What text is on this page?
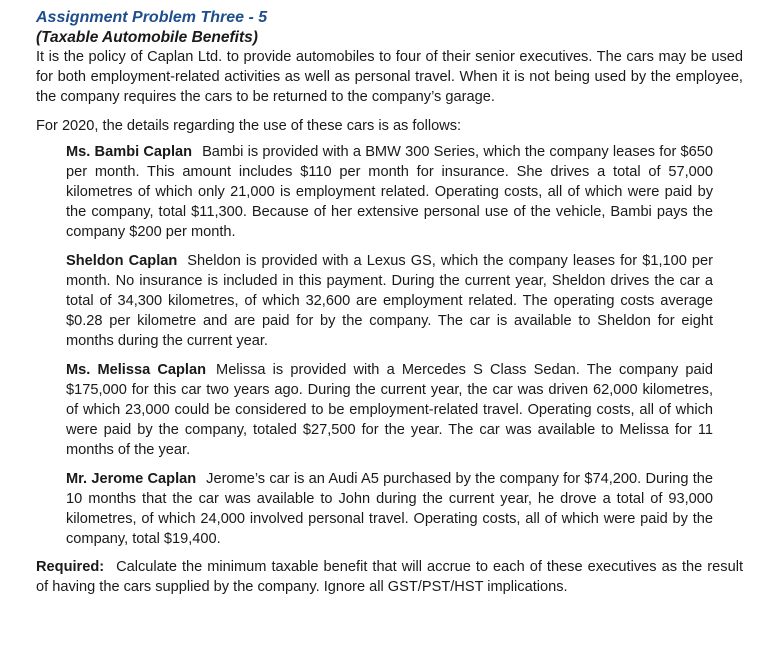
Assignment Problem Three - 5
(Taxable Automobile Benefits)

It is the policy of Caplan Ltd. to provide automobiles to four of their senior executives. The cars may be used for both employment-related activities as well as personal travel. When it is not being used by the employee, the company requires the cars to be returned to the company’s garage.

For 2020, the details regarding the use of these cars is as follows:

Ms. Bambi Caplan Bambi is provided with a BMW 300 Series, which the company leases for $650 per month. This amount includes $110 per month for insurance. She drives a total of 57,000 kilometres of which only 21,000 is employment related. Operating costs, all of which were paid by the company, total $11,300. Because of her extensive personal use of the vehicle, Bambi pays the company $200 per month.

Sheldon Caplan Sheldon is provided with a Lexus GS, which the company leases for $1,100 per month. No insurance is included in this payment. During the current year, Sheldon drives the car a total of 34,300 kilometres, of which 32,600 are employment related. The operating costs average $0.28 per kilometre and are paid for by the company. The car is available to Sheldon for eight months during the current year.

Ms. Melissa Caplan Melissa is provided with a Mercedes S Class Sedan. The company paid $175,000 for this car two years ago. During the current year, the car was driven 62,000 kilometres, of which 23,000 could be considered to be employment-related travel. Operating costs, all of which were paid by the company, totaled $27,500 for the year. The car was available to Melissa for 11 months of the year.

Mr. Jerome Caplan Jerome’s car is an Audi A5 purchased by the company for $74,200. During the 10 months that the car was available to John during the current year, he drove a total of 93,000 kilometres, of which 24,000 involved personal travel. Operating costs, all of which were paid by the company, total $19,400.

Required: Calculate the minimum taxable benefit that will accrue to each of these executives as the result of having the cars supplied by the company. Ignore all GST/PST/HST implications.
